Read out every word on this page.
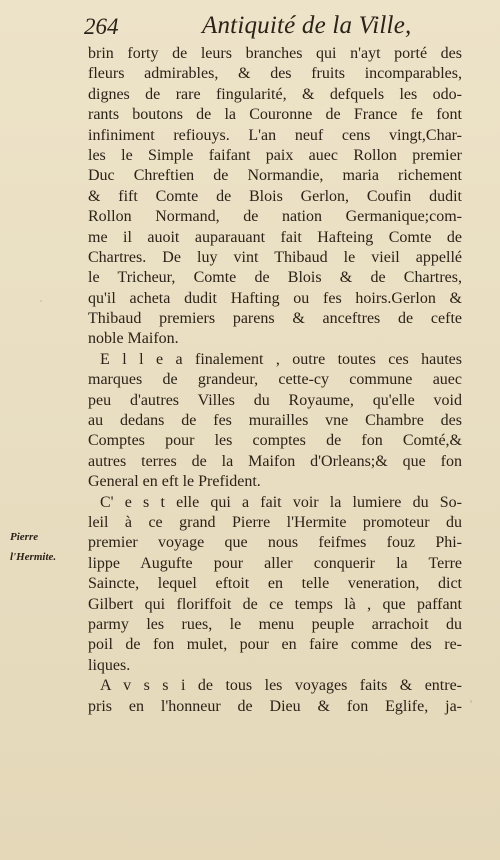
264	Antiquité de la Ville,
Pierre
l'Hermite.
brin forty de leurs branches qui n'ayt porté des
fleurs admirables, & des fruits incomparables,
dignes de rare fingularité, & defquels les odo-
rants boutons de la Couronne de France fe font
infiniment refiouys. L'an neuf cens vingt,Char-
les le Simple faifant paix auec Rollon premier
Duc Chreftien de Normandie, maria richement
& fift Comte de Blois Gerlon, Coufin dudit
Rollon Normand, de nation Germanique;com-
me il auoit auparauant fait Hafteing Comte de
Chartres. De luy vint Thibaud le vieil appellé
le Tricheur, Comte de Blois & de Chartres,
qu'il acheta dudit Hafting ou fes hoirs.Gerlon &
Thibaud premiers parens & anceftres de cefte
noble Maifon.
E l l e a finalement , outre toutes ces hautes
marques de grandeur, cette-cy commune auec
peu d'autres Villes du Royaume, qu'elle void
au dedans de fes murailles vne Chambre des
Comptes pour les comptes de fon Comté,&
autres terres de la Maifon d'Orleans;& que fon
General en eft le Prefident.
C' e s t elle qui a fait voir la lumiere du So-
leil à ce grand Pierre l'Hermite promoteur du
premier voyage que nous feifmes fouz Phi-
lippe Augufte pour aller conquerir la Terre
Saincte, lequel eftoit en telle veneration, dict
Gilbert qui floriffoit de ce temps là , que paffant
parmy les rues, le menu peuple arrachoit du
poil de fon mulet, pour en faire comme des re-
liques.
A v s s i de tous les voyages faits & entre-
pris en l'honneur de Dieu & fon Eglife, ja-
